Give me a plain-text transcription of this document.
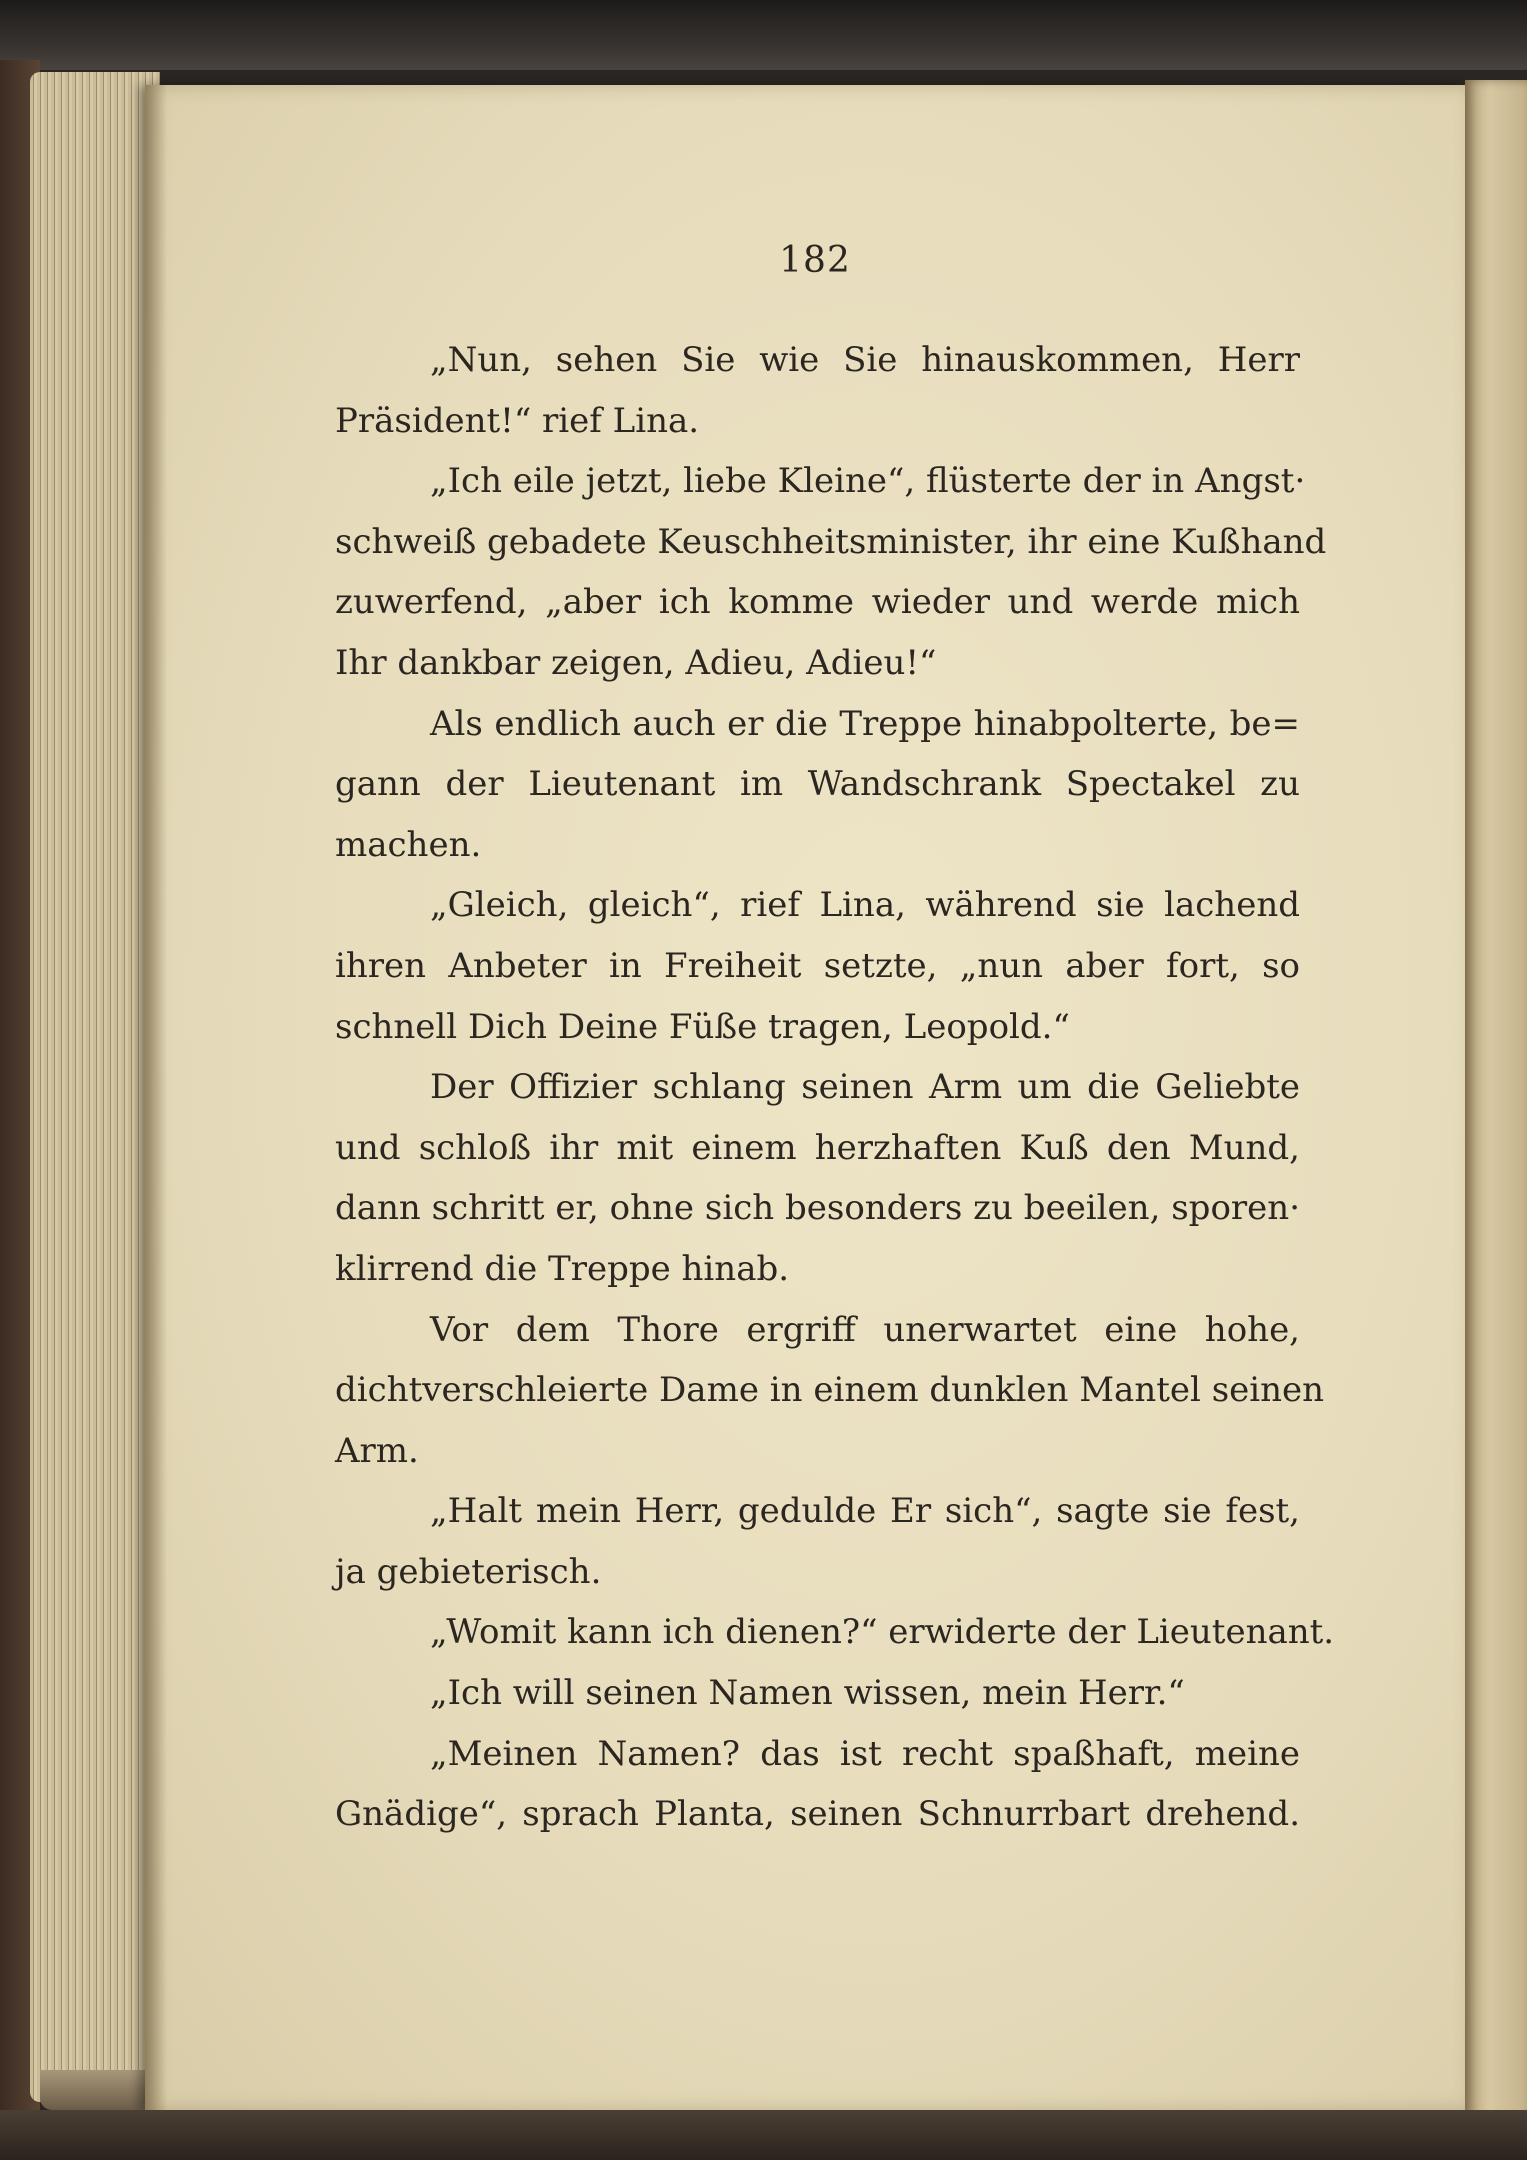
182
„Nun, sehen Sie wie Sie hinauskommen, Herr
Präsident!“ rief Lina.
„Ich eile jetzt, liebe Kleine“, flüsterte der in Angst·
schweiß gebadete Keuschheitsminister, ihr eine Kußhand
zuwerfend, „aber ich komme wieder und werde mich
Ihr dankbar zeigen, Adieu, Adieu!“
Als endlich auch er die Treppe hinabpolterte, be=
gann der Lieutenant im Wandschrank Spectakel zu
machen.
„Gleich, gleich“, rief Lina, während sie lachend
ihren Anbeter in Freiheit setzte, „nun aber fort, so
schnell Dich Deine Füße tragen, Leopold.“
Der Offizier schlang seinen Arm um die Geliebte
und schloß ihr mit einem herzhaften Kuß den Mund,
dann schritt er, ohne sich besonders zu beeilen, sporen·
klirrend die Treppe hinab.
Vor dem Thore ergriff unerwartet eine hohe,
dichtverschleierte Dame in einem dunklen Mantel seinen
Arm.
„Halt mein Herr, gedulde Er sich“, sagte sie fest,
ja gebieterisch.
„Womit kann ich dienen?“ erwiderte der Lieutenant.
„Ich will seinen Namen wissen, mein Herr.“
„Meinen Namen? das ist recht spaßhaft, meine
Gnädige“, sprach Planta, seinen Schnurrbart drehend.
